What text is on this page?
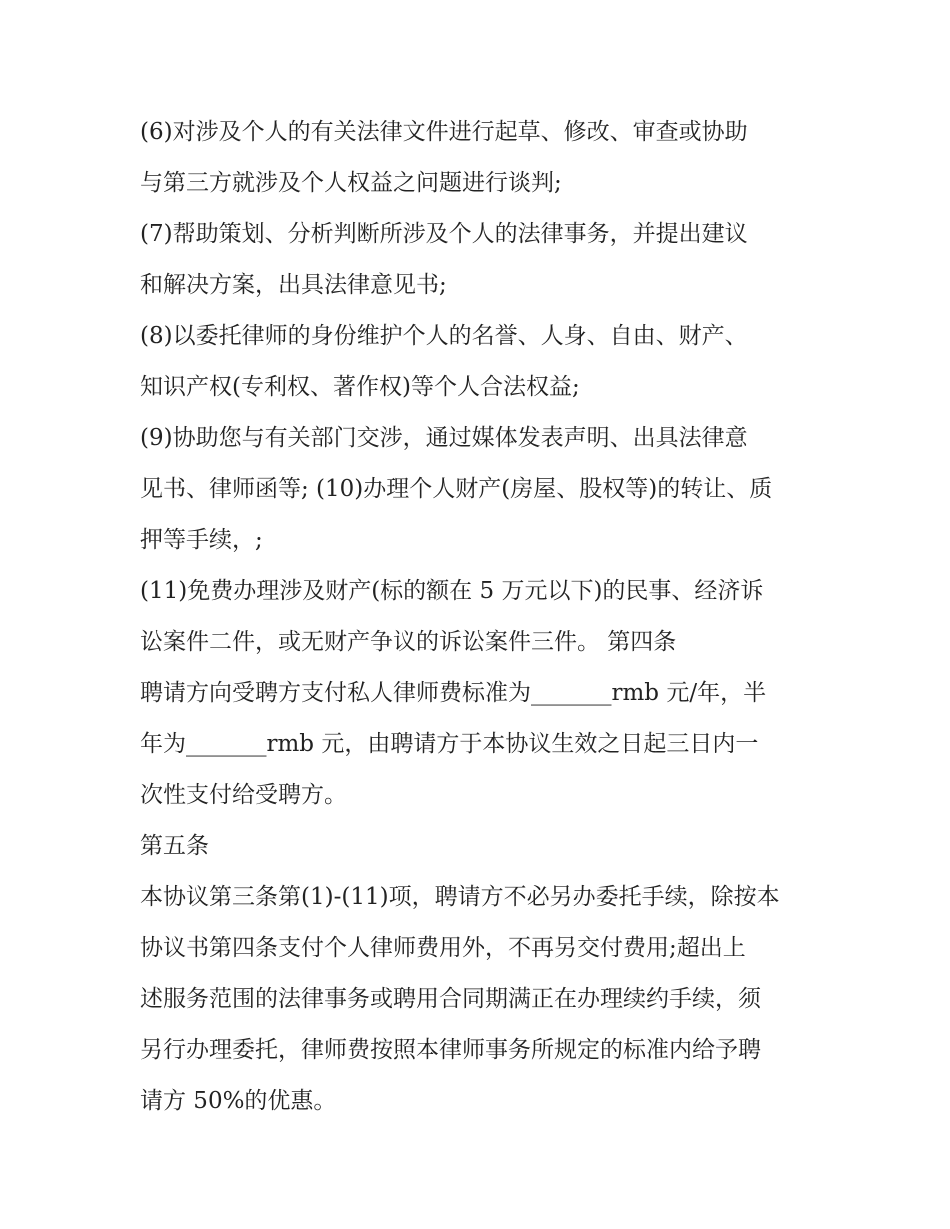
(6)对涉及个人的有关法律文件进行起草、修改、审查或协助
与第三方就涉及个人权益之问题进行谈判;
(7)帮助策划、分析判断所涉及个人的法律事务，并提出建议
和解决方案，出具法律意见书;
(8)以委托律师的身份维护个人的名誉、人身、自由、财产、
知识产权(专利权、著作权)等个人合法权益;
(9)协助您与有关部门交涉，通过媒体发表声明、出具法律意
见书、律师函等; (10)办理个人财产(房屋、股权等)的转让、质
押等手续，;
(11)免费办理涉及财产(标的额在 5 万元以下)的民事、经济诉
讼案件二件，或无财产争议的诉讼案件三件。 第四条
聘请方向受聘方支付私人律师费标准为_______rmb 元/年，半
年为_______rmb 元，由聘请方于本协议生效之日起三日内一
次性支付给受聘方。
第五条
本协议第三条第(1)-(11)项，聘请方不必另办委托手续，除按本
协议书第四条支付个人律师费用外，不再另交付费用;超出上
述服务范围的法律事务或聘用合同期满正在办理续约手续，须
另行办理委托，律师费按照本律师事务所规定的标准内给予聘
请方 50%的优惠。
